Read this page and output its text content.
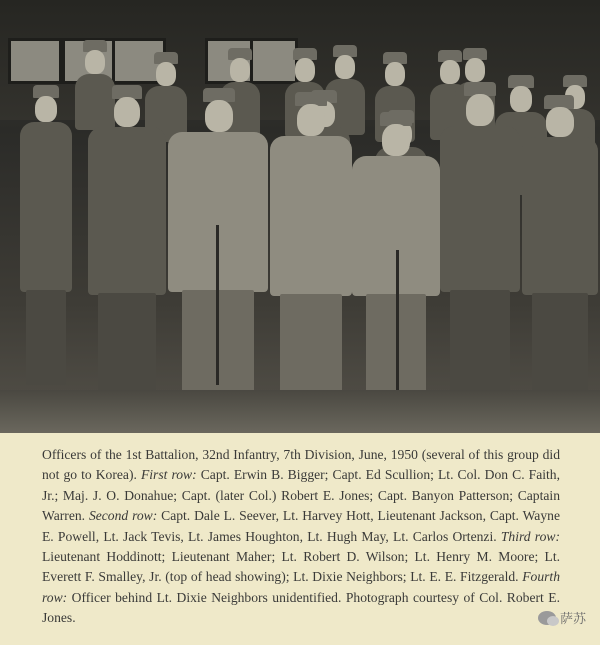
Officers of the 1st Battalion, 32nd Infantry, 7th Division, June, 1950 (several of this group did not go to Korea). First row: Capt. Erwin B. Bigger; Capt. Ed Scullion; Lt. Col. Don C. Faith, Jr.; Maj. J. O. Donahue; Capt. (later Col.) Robert E. Jones; Capt. Banyon Patterson; Captain Warren. Second row: Capt. Dale L. Seever, Lt. Harvey Hott, Lieutenant Jackson, Capt. Wayne E. Powell, Lt. Jack Tevis, Lt. James Houghton, Lt. Hugh May, Lt. Carlos Ortenzi. Third row: Lieutenant Hoddinott; Lieutenant Maher; Lt. Robert D. Wilson; Lt. Henry M. Moore; Lt. Everett F. Smalley, Jr. (top of head showing); Lt. Dixie Neighbors; Lt. E. E. Fitzgerald. Fourth row: Officer behind Lt. Dixie Neighbors unidentified. Photograph courtesy of Col. Robert E. Jones.	萨苏
